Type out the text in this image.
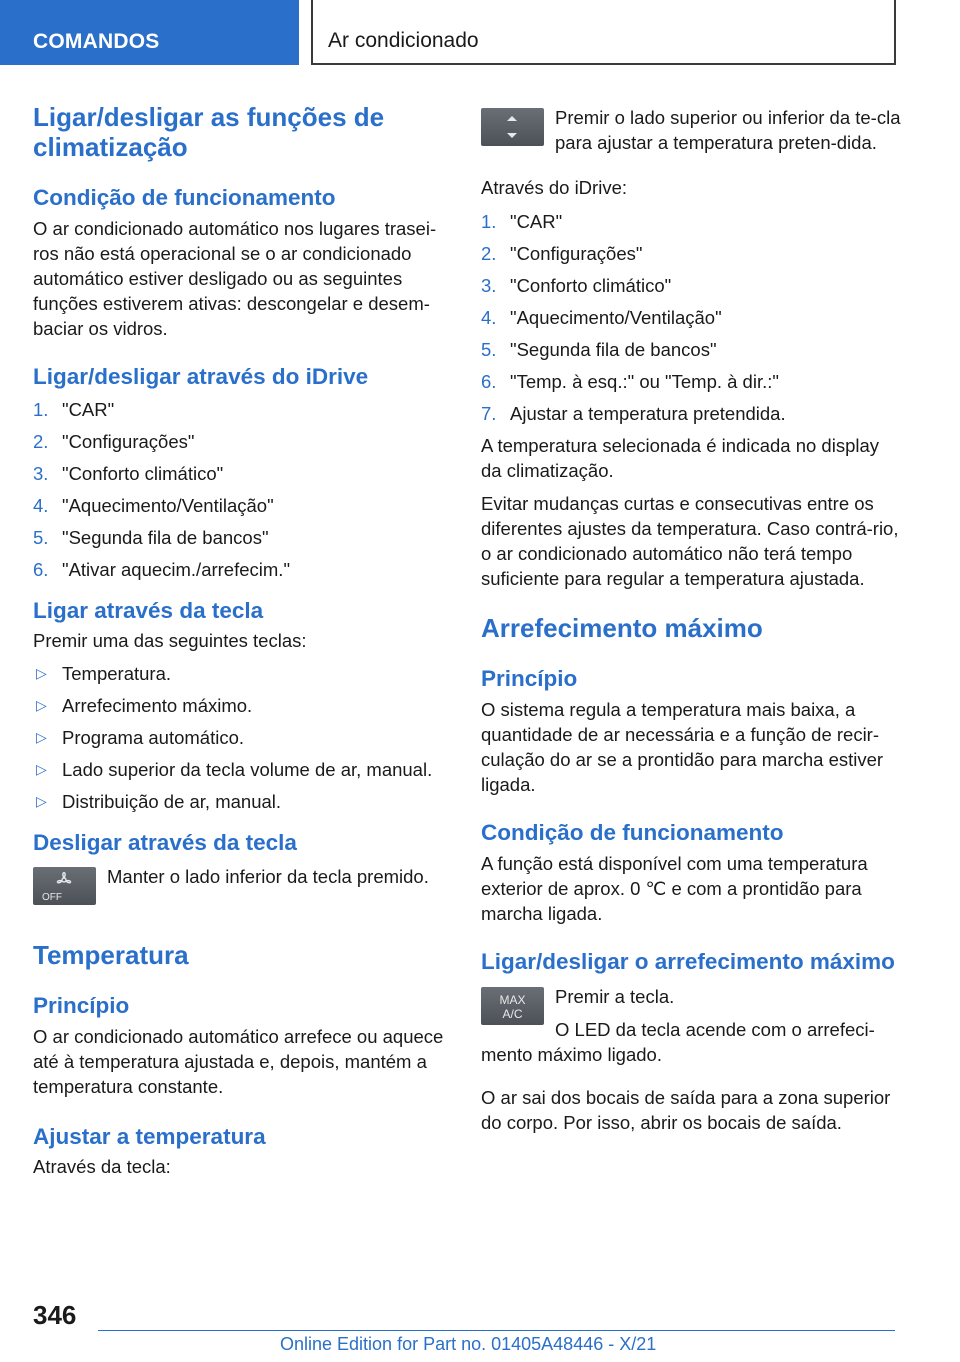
COMANDOS	Ar condicionado
Ligar/desligar as funções de climatização
Condição de funcionamento

O ar condicionado automático nos lugares trasei-ros não está operacional se o ar condicionado automático estiver desligado ou as seguintes funções estiverem ativas: descongelar e desem-baciar os vidros.

Ligar/desligar através do iDrive
1. "CAR"
2. "Configurações"
3. "Conforto climático"
4. "Aquecimento/Ventilação"
5. "Segunda fila de bancos"
6. "Ativar aquecim./arrefecim."
Ligar através da tecla

Premir uma das seguintes teclas:

▷ Temperatura.
▷ Arrefecimento máximo.
▷ Programa automático.
▷ Lado superior da tecla volume de ar, manual.
▷ Distribuição de ar, manual.
Desligar através da tecla
OFF

Manter o lado inferior da tecla premido.

Temperatura
Princípio

O ar condicionado automático arrefece ou aquece até à temperatura ajustada e, depois, mantém a temperatura constante.

Ajustar a temperatura

Através da tecla:

Premir o lado superior ou inferior da te-cla para ajustar a temperatura preten-dida.

Através do iDrive:

1. "CAR"
2. "Configurações"
3. "Conforto climático"
4. "Aquecimento/Ventilação"
5. "Segunda fila de bancos"
6. "Temp. à esq.:" ou "Temp. à dir.:"
7. Ajustar a temperatura pretendida.

A temperatura selecionada é indicada no display da climatização.

Evitar mudanças curtas e consecutivas entre os diferentes ajustes da temperatura. Caso contrá-rio, o ar condicionado automático não terá tempo suficiente para regular a temperatura ajustada.

Arrefecimento máximo
Princípio

O sistema regula a temperatura mais baixa, a quantidade de ar necessária e a função de recir-culação do ar se a prontidão para marcha estiver ligada.

Condição de funcionamento

A função está disponível com uma temperatura exterior de aprox. 0 ℃ e com a prontidão para marcha ligada.

Ligar/desligar o arrefecimento máximo
MAX
A/C

Premir a tecla.

O LED da tecla acende com o arrefeci-mento máximo ligado.

O ar sai dos bocais de saída para a zona superior do corpo. Por isso, abrir os bocais de saída.

346
Online Edition for Part no. 01405A48446 - X/21
